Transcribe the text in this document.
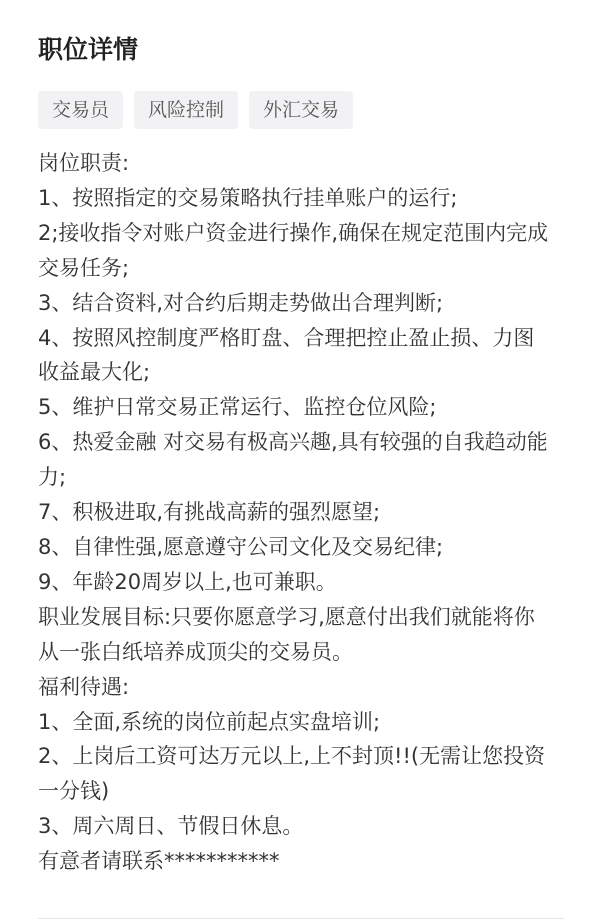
职位详情
交易员	风险控制	外汇交易
岗位职责:
1、按照指定的交易策略执行挂单账户的运行;
2;接收指令对账户资金进行操作,确保在规定范围内完成
交易任务;
3、结合资料,对合约后期走势做出合理判断;
4、按照风控制度严格盯盘、合理把控止盈止损、力图
收益最大化;
5、维护日常交易正常运行、监控仓位风险;
6、热爱金融 对交易有极高兴趣,具有较强的自我趋动能
力;
7、积极进取,有挑战高薪的强烈愿望;
8、自律性强,愿意遵守公司文化及交易纪律;
9、年龄20周岁以上,也可兼职。
职业发展目标:只要你愿意学习,愿意付出我们就能将你
从一张白纸培养成顶尖的交易员。
福利待遇:
1、全面,系统的岗位前起点实盘培训;
2、上岗后工资可达万元以上,上不封顶!!(无需让您投资
一分钱)
3、周六周日、节假日休息。
有意者请联系***********
